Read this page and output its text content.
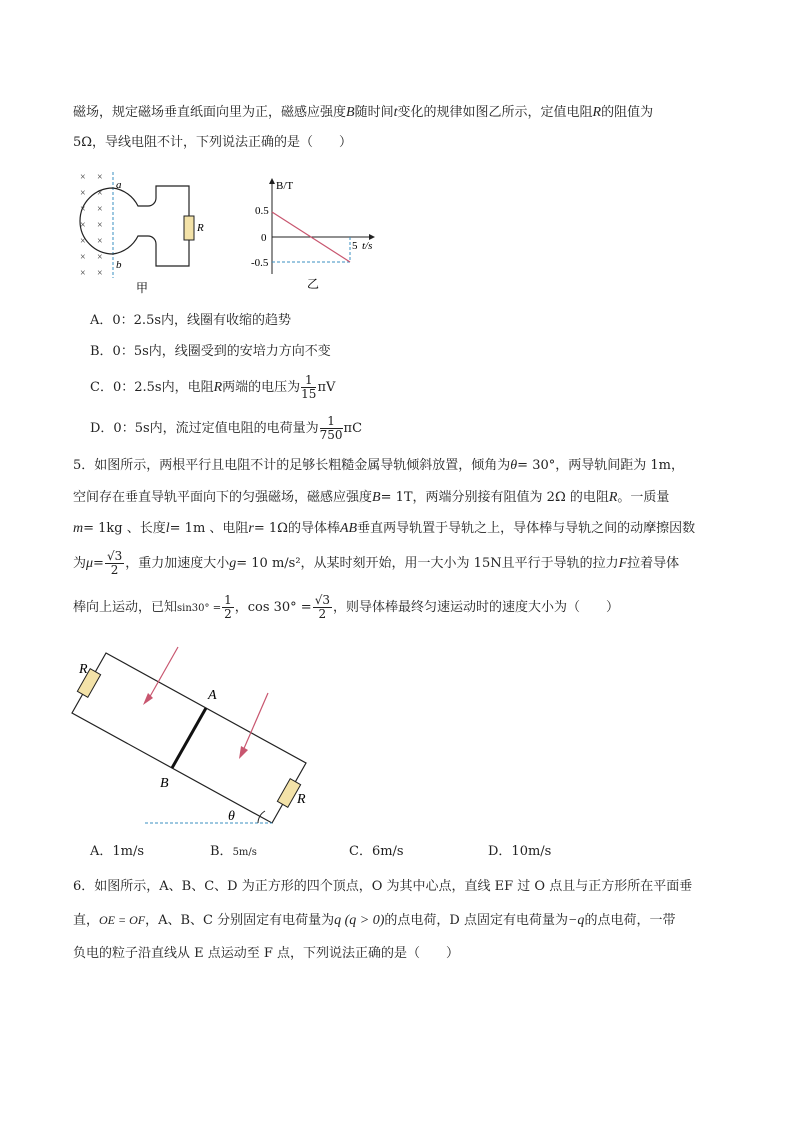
磁场，规定磁场垂直纸面向里为正，磁感应强度B随时间t变化的规律如图乙所示，定值电阻R的阻值为
5Ω，导线电阻不计，下列说法正确的是（　　）
× ×
× ×
× ×
× ×
× ×
× ×
× ×
R
a
b
甲
B/T
t/s
0.5
0
-0.5
5
乙
A．0：2.5s内，线圈有收缩的趋势
B．0：5s内，线圈受到的安培力方向不变
C．0：2.5s内，电阻R两端的电压为 $\frac{1}{15}$ πV
D．0：5s内，流过定值电阻的电荷量为 $\frac{1}{750}$ πC
5．如图所示，两根平行且电阻不计的足够长粗糙金属导轨倾斜放置，倾角为θ= 30°，两导轨间距为 1m，
空间存在垂直导轨平面向下的匀强磁场，磁感应强度B= 1T，两端分别接有阻值为 2Ω 的电阻R。一质量
m= 1kg 、长度l= 1m 、电阻r= 1Ω的导体棒AB垂直两导轨置于导轨之上，导体棒与导轨之间的动摩擦因数
为$\mu= \frac{√3}{2}$ ，重力加速度大小g= 10 m/s²，从某时刻开始，用一大小为 15N且平行于导轨的拉力F拉着导体
棒向上运动，已知$\sin 30^\circ = \frac{1}{2}$ ，$\cos 30^\circ = \frac{√3}{2}$ ，则导体棒最终匀速运动时的速度大小为（　　）
R
R
A
B
θ
A．1m/s	B．5m/s	C．6m/s	D．10m/s
6．如图所示，A、B、C、D 为正方形的四个顶点，O 为其中心点，直线 EF 过 O 点且与正方形所在平面垂
直，OE = OF，A、B、C 分别固定有电荷量为q (q > 0)的点电荷，D 点固定有电荷量为−q的点电荷，一带
负电的粒子沿直线从 E 点运动至 F 点，下列说法正确的是（　　）
